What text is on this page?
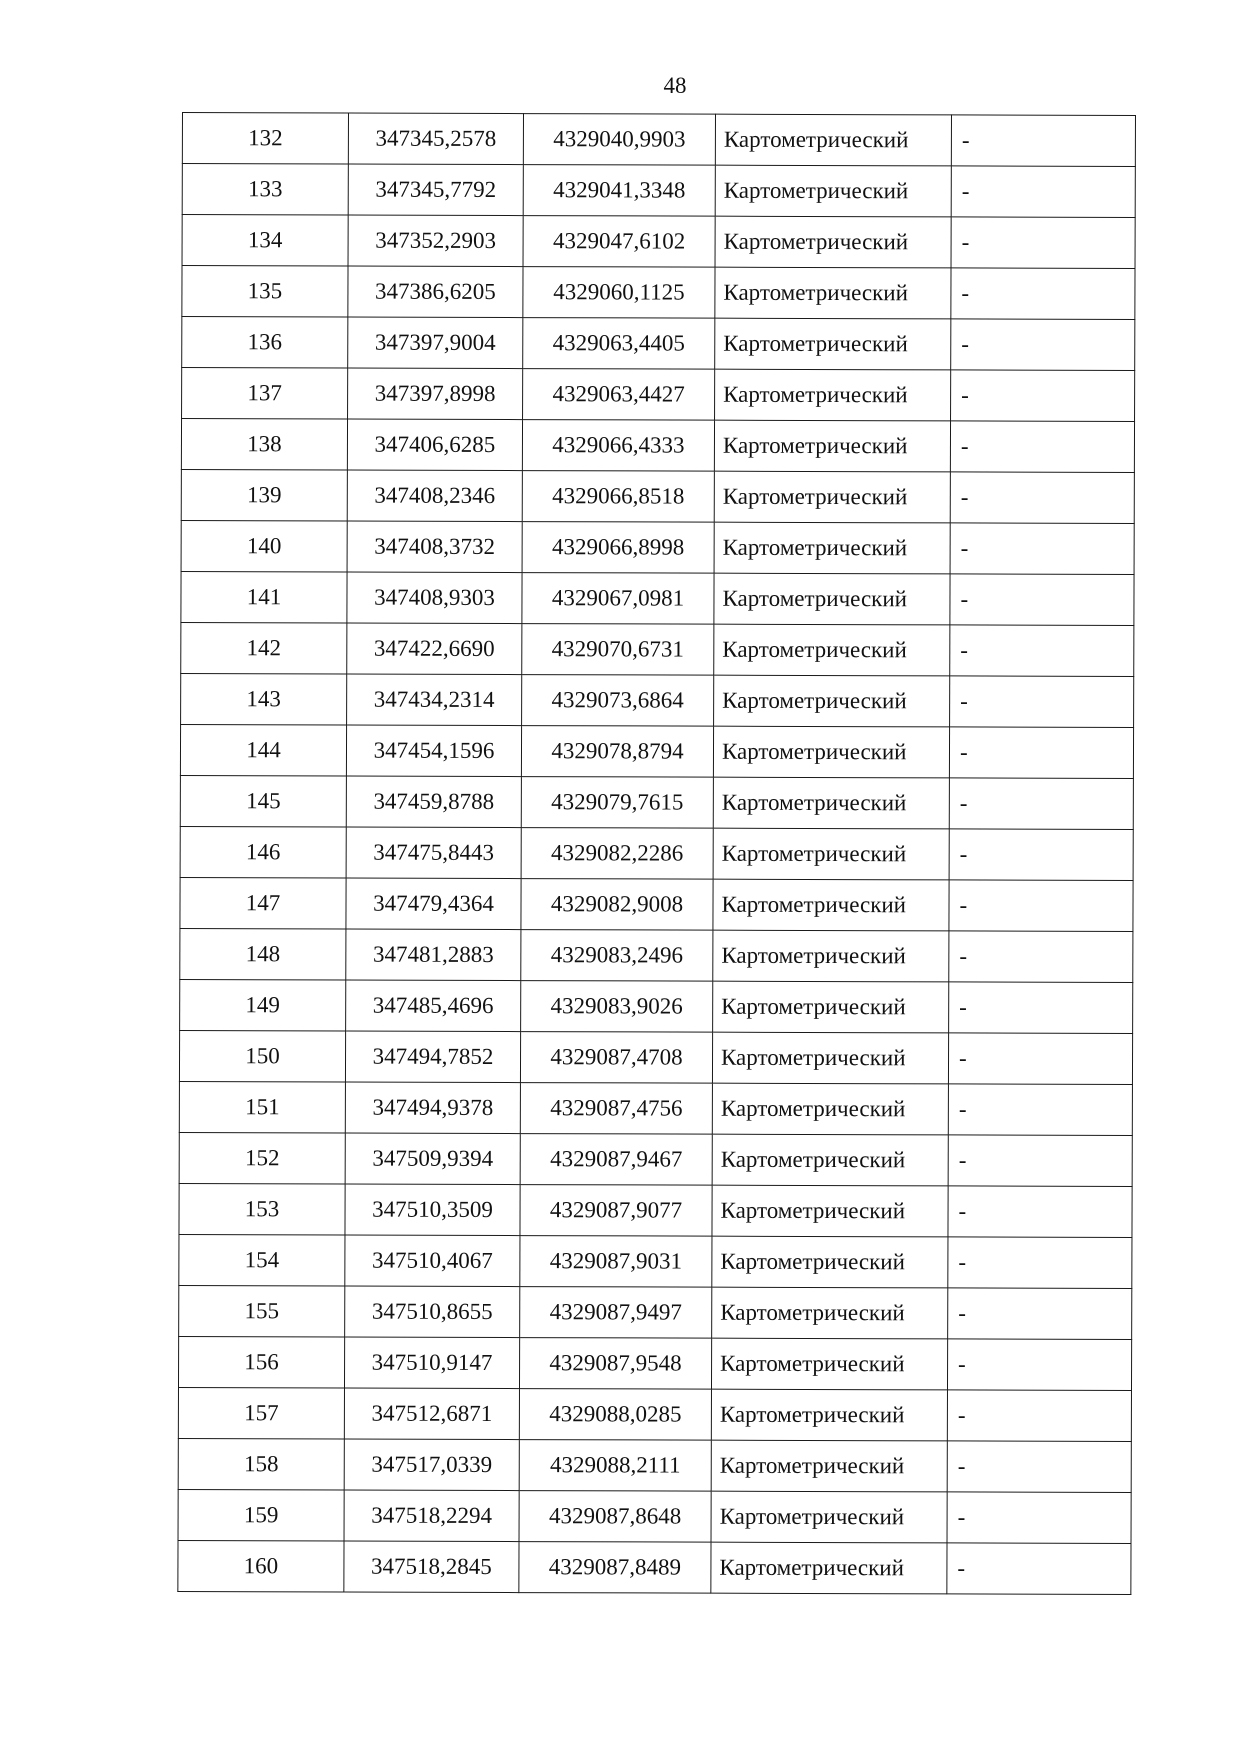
48
132	347345,2578	4329040,9903	Картометрический	-
133	347345,7792	4329041,3348	Картометрический	-
134	347352,2903	4329047,6102	Картометрический	-
135	347386,6205	4329060,1125	Картометрический	-
136	347397,9004	4329063,4405	Картометрический	-
137	347397,8998	4329063,4427	Картометрический	-
138	347406,6285	4329066,4333	Картометрический	-
139	347408,2346	4329066,8518	Картометрический	-
140	347408,3732	4329066,8998	Картометрический	-
141	347408,9303	4329067,0981	Картометрический	-
142	347422,6690	4329070,6731	Картометрический	-
143	347434,2314	4329073,6864	Картометрический	-
144	347454,1596	4329078,8794	Картометрический	-
145	347459,8788	4329079,7615	Картометрический	-
146	347475,8443	4329082,2286	Картометрический	-
147	347479,4364	4329082,9008	Картометрический	-
148	347481,2883	4329083,2496	Картометрический	-
149	347485,4696	4329083,9026	Картометрический	-
150	347494,7852	4329087,4708	Картометрический	-
151	347494,9378	4329087,4756	Картометрический	-
152	347509,9394	4329087,9467	Картометрический	-
153	347510,3509	4329087,9077	Картометрический	-
154	347510,4067	4329087,9031	Картометрический	-
155	347510,8655	4329087,9497	Картометрический	-
156	347510,9147	4329087,9548	Картометрический	-
157	347512,6871	4329088,0285	Картометрический	-
158	347517,0339	4329088,2111	Картометрический	-
159	347518,2294	4329087,8648	Картометрический	-
160	347518,2845	4329087,8489	Картометрический	-
